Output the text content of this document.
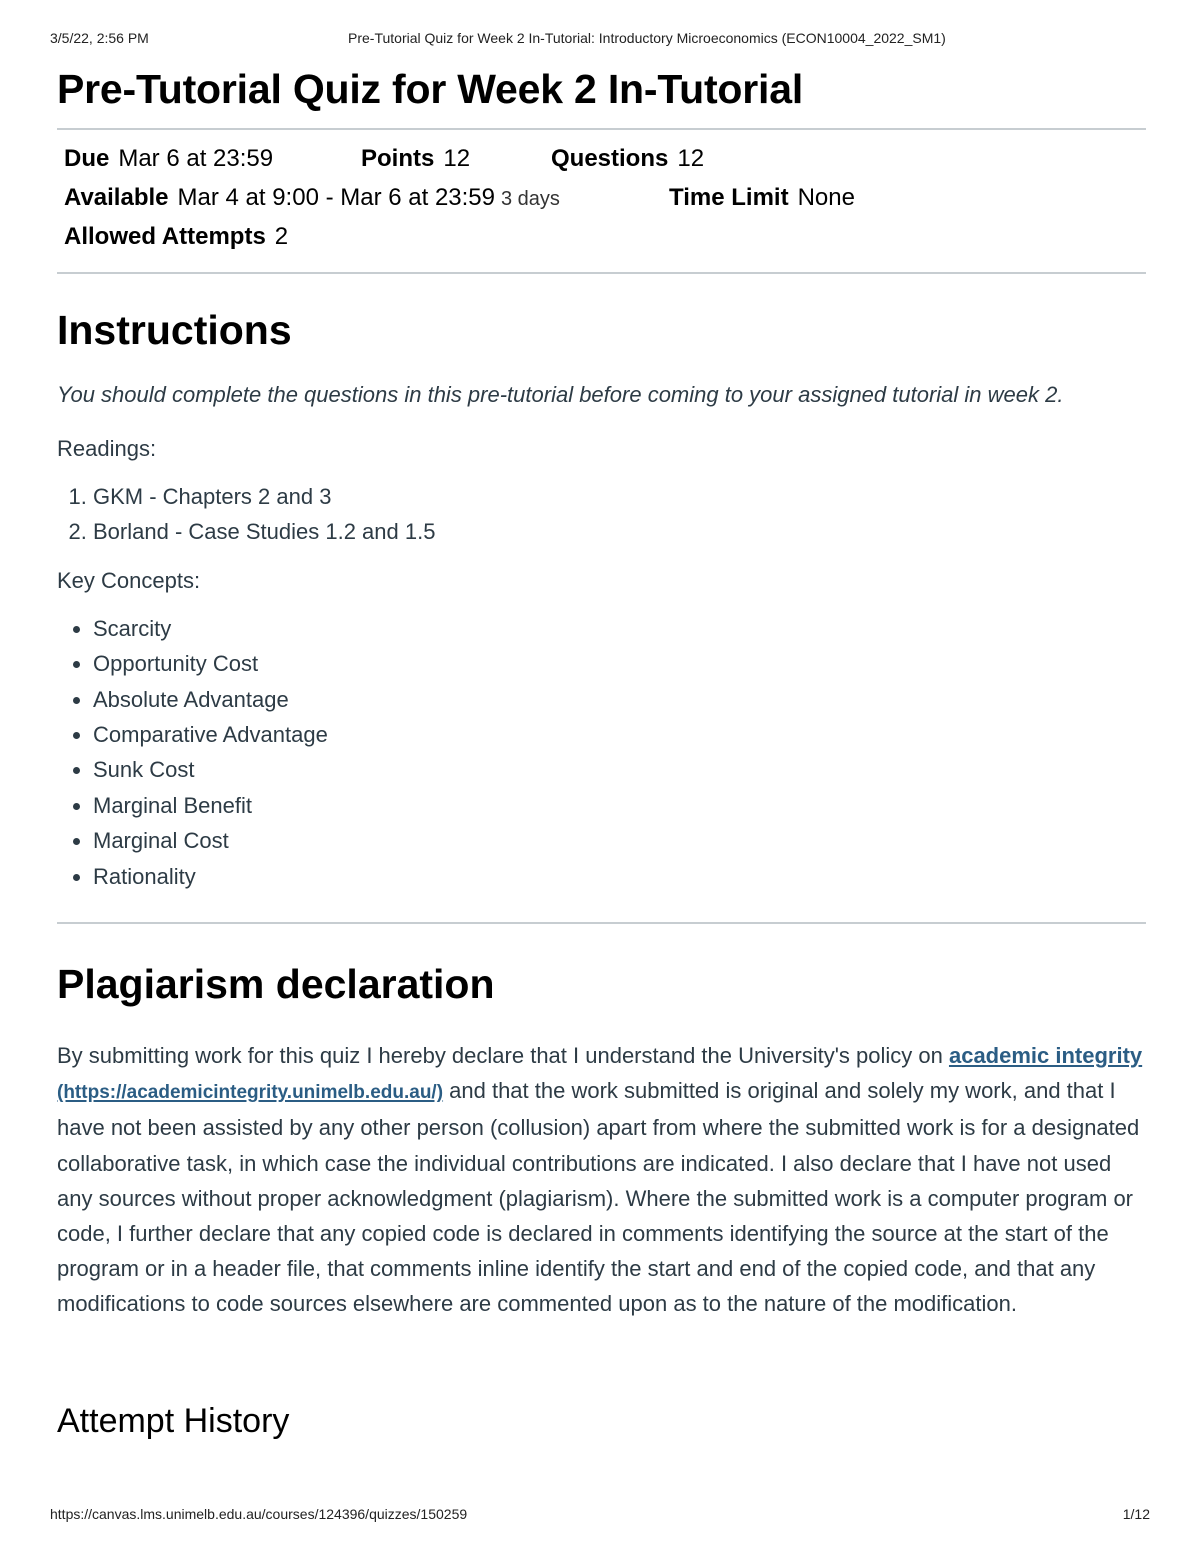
3/5/22, 2:56 PM	Pre-Tutorial Quiz for Week 2 In-Tutorial: Introductory Microeconomics (ECON10004_2022_SM1)
Pre-Tutorial Quiz for Week 2 In-Tutorial
Due Mar 6 at 23:59	Points 12	Questions 12
Available Mar 4 at 9:00 - Mar 6 at 23:59 3 days	Time Limit None
Allowed Attempts 2
Instructions

You should complete the questions in this pre-tutorial before coming to your assigned tutorial in week 2.

Readings:

1. GKM - Chapters 2 and 3
2. Borland - Case Studies 1.2 and 1.5

Key Concepts:

• Scarcity
• Opportunity Cost
• Absolute Advantage
• Comparative Advantage
• Sunk Cost
• Marginal Benefit
• Marginal Cost
• Rationality
Plagiarism declaration

By submitting work for this quiz I hereby declare that I understand the University's policy on academic integrity (https://academicintegrity.unimelb.edu.au/) and that the work submitted is original and solely my work, and that I have not been assisted by any other person (collusion) apart from where the submitted work is for a designated collaborative task, in which case the individual contributions are indicated. I also declare that I have not used any sources without proper acknowledgment (plagiarism). Where the submitted work is a computer program or code, I further declare that any copied code is declared in comments identifying the source at the start of the program or in a header file, that comments inline identify the start and end of the copied code, and that any modifications to code sources elsewhere are commented upon as to the nature of the modification.

Attempt History
https://canvas.lms.unimelb.edu.au/courses/124396/quizzes/150259	1/12
